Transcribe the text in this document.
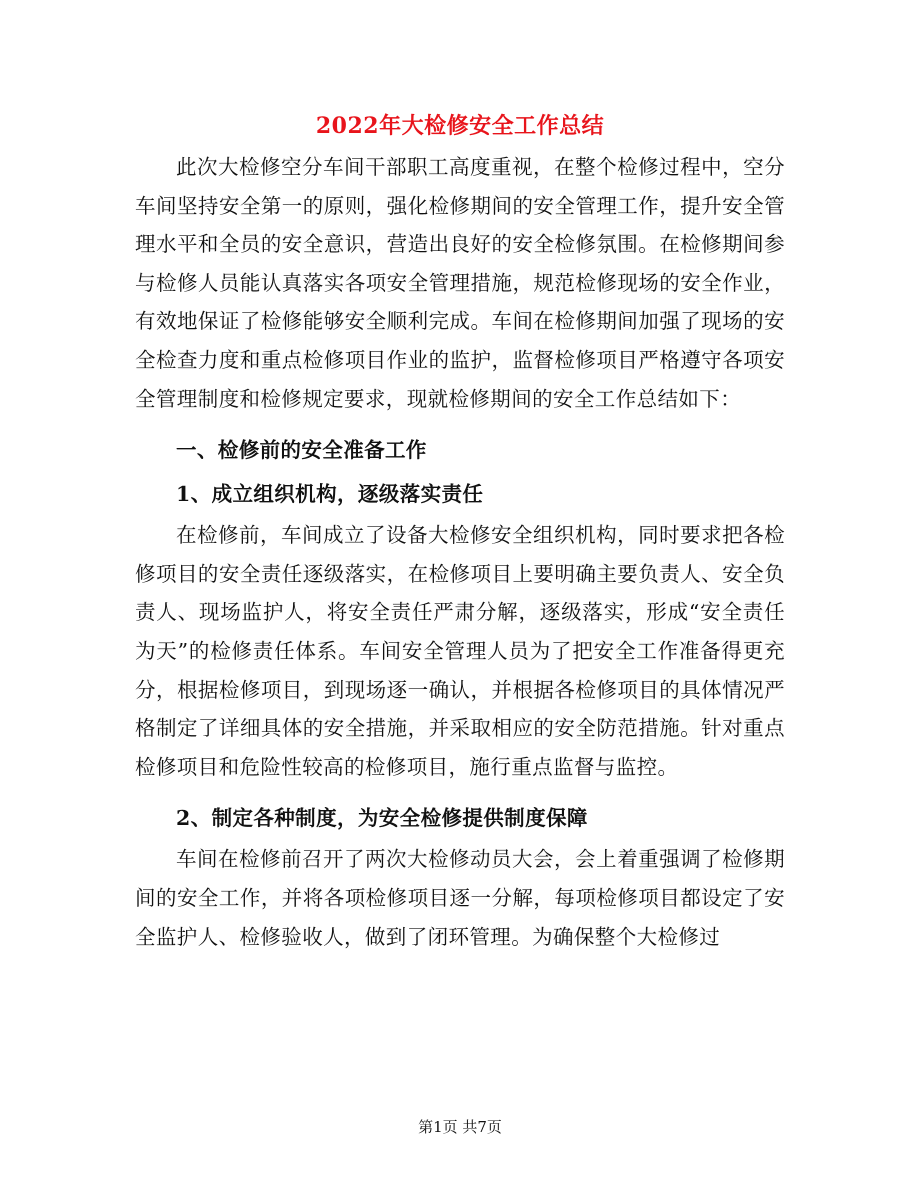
2022年大检修安全工作总结

此次大检修空分车间干部职工高度重视，在整个检修过程中，空分车间坚持安全第一的原则，强化检修期间的安全管理工作，提升安全管理水平和全员的安全意识，营造出良好的安全检修氛围。在检修期间参与检修人员能认真落实各项安全管理措施，规范检修现场的安全作业，有效地保证了检修能够安全顺利完成。车间在检修期间加强了现场的安全检查力度和重点检修项目作业的监护，监督检修项目严格遵守各项安全管理制度和检修规定要求，现就检修期间的安全工作总结如下：

一、检修前的安全准备工作
1、成立组织机构，逐级落实责任

在检修前，车间成立了设备大检修安全组织机构，同时要求把各检修项目的安全责任逐级落实，在检修项目上要明确主要负责人、安全负责人、现场监护人，将安全责任严肃分解，逐级落实，形成“安全责任为天”的检修责任体系。车间安全管理人员为了把安全工作准备得更充分，根据检修项目，到现场逐一确认，并根据各检修项目的具体情况严格制定了详细具体的安全措施，并采取相应的安全防范措施。针对重点检修项目和危险性较高的检修项目，施行重点监督与监控。

2、制定各种制度，为安全检修提供制度保障

车间在检修前召开了两次大检修动员大会，会上着重强调了检修期间的安全工作，并将各项检修项目逐一分解，每项检修项目都设定了安全监护人、检修验收人，做到了闭环管理。为确保整个大检修过

第1页 共7页
